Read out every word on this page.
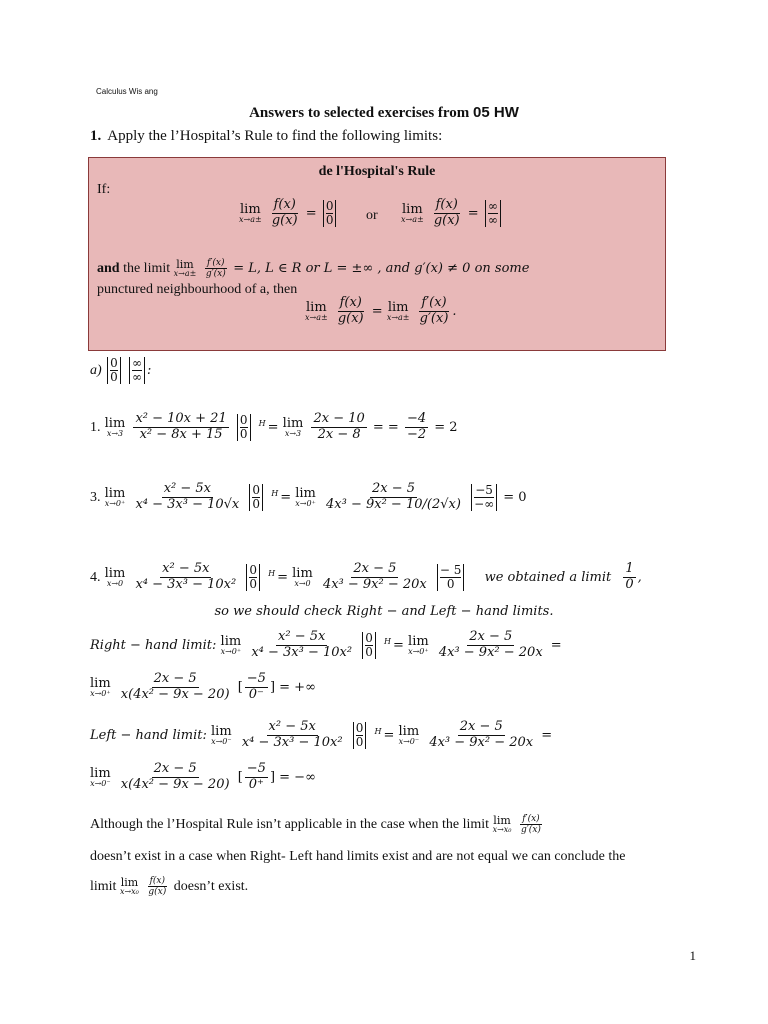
Calculus Wis ang
Answers to selected exercises from 05 HW
1. Apply the l’Hospital’s Rule to find the following limits:
de l'Hospital's Rule
If:
lim
x→a±
$\frac{f(x)}{g(x)} = \frac{0}{0}$ or lim
x→a±
$\frac{f(x)}{g(x)}$ =
∞
∞
and the limit lim
x→a±
$\frac{f'(x)}{g'(x)} = L$, L ∈ R or L = ±∞ , and g′(x) ≠ 0 on some
punctured neighbourhood of a, then
lim
x→a±
$\frac{f(x)}{g(x)} = \lim$
x→a±
$\frac{f'(x)}{g'(x)}$ .
$a) \frac{0}{0}$
∞
∞ :
1. lim
x→3
$\frac{\text{x² − 10x + 21}}{\text{x² − 8x + 15}}$
$\frac{0}{0} ^H = \lim$
x→3
$\frac{2x - 10}{2x - 8}$ = = $\frac{-4}{-2} = 2$
3. lim
x→0⁺
$\frac{\text{x² − 5x}}{\text{x⁴ − 3x³ − 10√x}}$
$\frac{0}{0} ^H = \lim$
x→0⁺
$\frac{2x - 5}{\text{4x³ − 9x² − 10/(2√x)}}$
−5
−∞ = 0
4. lim
x→0
$\frac{\text{x² − 5x}}{\text{x⁴ − 3x³ − 10x²}}$
$\frac{0}{0} ^H = \lim$
x→0
$\frac{2x - 5}{\text{4x³ − 9x² − 20x}}$
$\frac{- 5}{0}$ we obtained a limit $\frac{1}{0}$ ,
so we should check Right − and Left − hand limits.
Right − hand limit: lim
x→0⁺
$\frac{\text{x² − 5x}}{\text{x⁴ − 3x³ − 10x²}}$
$\frac{0}{0} ^H = \lim$
x→0⁺
$\frac{2x - 5}{\text{4x³ − 9x² − 20x}}$ =
lim
x→0⁺
$\frac{2x - 5}{\text{x(4x² − 9x − 20)}}$ [ $\frac{-5}{0^-}$ ] = +∞
Left − hand limit: lim
x→0⁻
$\frac{\text{x² − 5x}}{\text{x⁴ − 3x³ − 10x²}}$
$\frac{0}{0} ^H = \lim$
x→0⁻
$\frac{2x - 5}{\text{4x³ − 9x² − 20x}}$ =
lim
x→0⁻
$\frac{2x - 5}{\text{x(4x² − 9x − 20)}}$ [ $\frac{-5}{0^+}$ ] = −∞
Although the l’Hospital Rule isn’t applicable in the case when the limit lim
x→x₀
$\frac{f'(x)}{g'(x)}$
doesn’t exist in a case when Right- Left hand limits exist and are not equal we can conclude the
limit lim
x→x₀
$\frac{f(x)}{g(x)}$ doesn’t exist.
1
